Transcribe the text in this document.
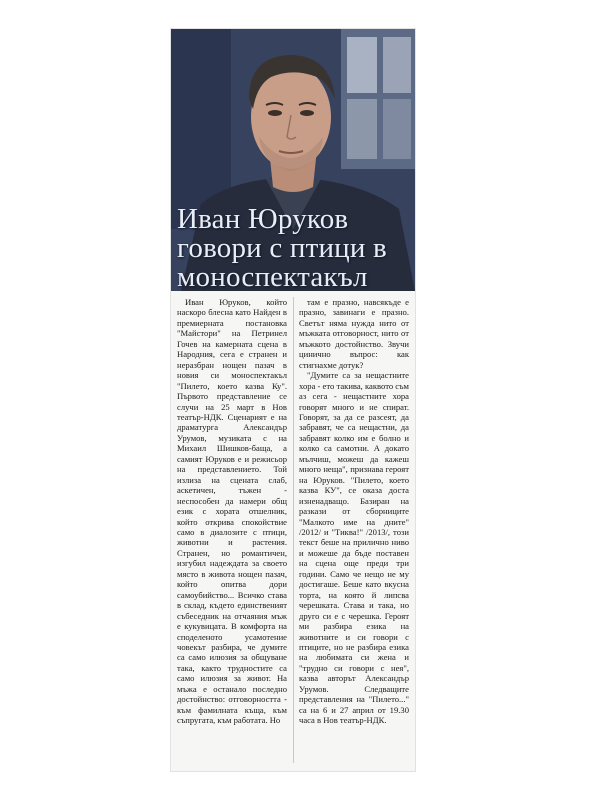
Иван Юруков
говори с птици в
моноспектакъл

Иван Юруков, който наскоро блесна като Найден в премиерната постановка "Майстори" на Петринел Гочев на камерната сцена в Народния, сега е странен и неразбран нощен пазач в новия си моноспектакъл "Пилето, което казва Ку". Първото представление се случи на 25 март в Нов театър-НДК. Сценарият е на драматурга Александър Урумов, музиката с на Михаил Шишков-баща, а самият Юруков е и режисьор на представлението. Той излиза на сцената слаб, аскетичен, тъжен - неспособен да намери общ език с хората отшелник, който открива спокойствие само в диалозите с птици, животни и растения. Странен, но романтичен, изгубил надеждата за своето място в живота нощен пазач, който опитва дори самоубийство... Всичко става в склад, където единственият събеседник на отчаяния мъж е кукувицата. В комфорта на споделеното усамотение човекът разбира, че думите са само илюзия за общуване така, както трудностите са само илюзия за живот. На мъжа е останало последно достойнство: отговорността - към фамилната къща, към съпругата, към работата. Но

там е празно, навсякъде е празно, завинаги е празно. Светът няма нужда нито от мъжката отговорност, нито от мъжкото достойнство. Звучи цинично въпрос: как стигнахме дотук?

"Думите са за нещастните хора - ето такива, каквото съм аз сега - нещастните хора говорят много и не спират. Говорят, за да се разсеят, да забравят, че са нещастни, да забравят колко им е болно и колко са самотни. А докато мълчиш, можеш да кажеш много неща", признава героят на Юруков. "Пилето, което казва КУ", се оказа доста изненадващо. Базиран на разкази от сборниците "Малкото име на дните" /2012/ и "Тиква!" /2013/, този текст беше на прилично ниво и можеше да бъде поставен на сцена още преди три години. Само че нещо не му достигаше. Беше като вкусна торта, на която й липсва черешката. Става и така, но друго си е с черешка. Героят ми разбира езика на животните и си говори с птиците, но не разбира езика на любимата си жена и "трудно си говори с нея", казва авторът Александър Урумов. Следващите представления на "Пилето..." са на 6 и 27 април от 19.30 часа в Нов театър-НДК.
